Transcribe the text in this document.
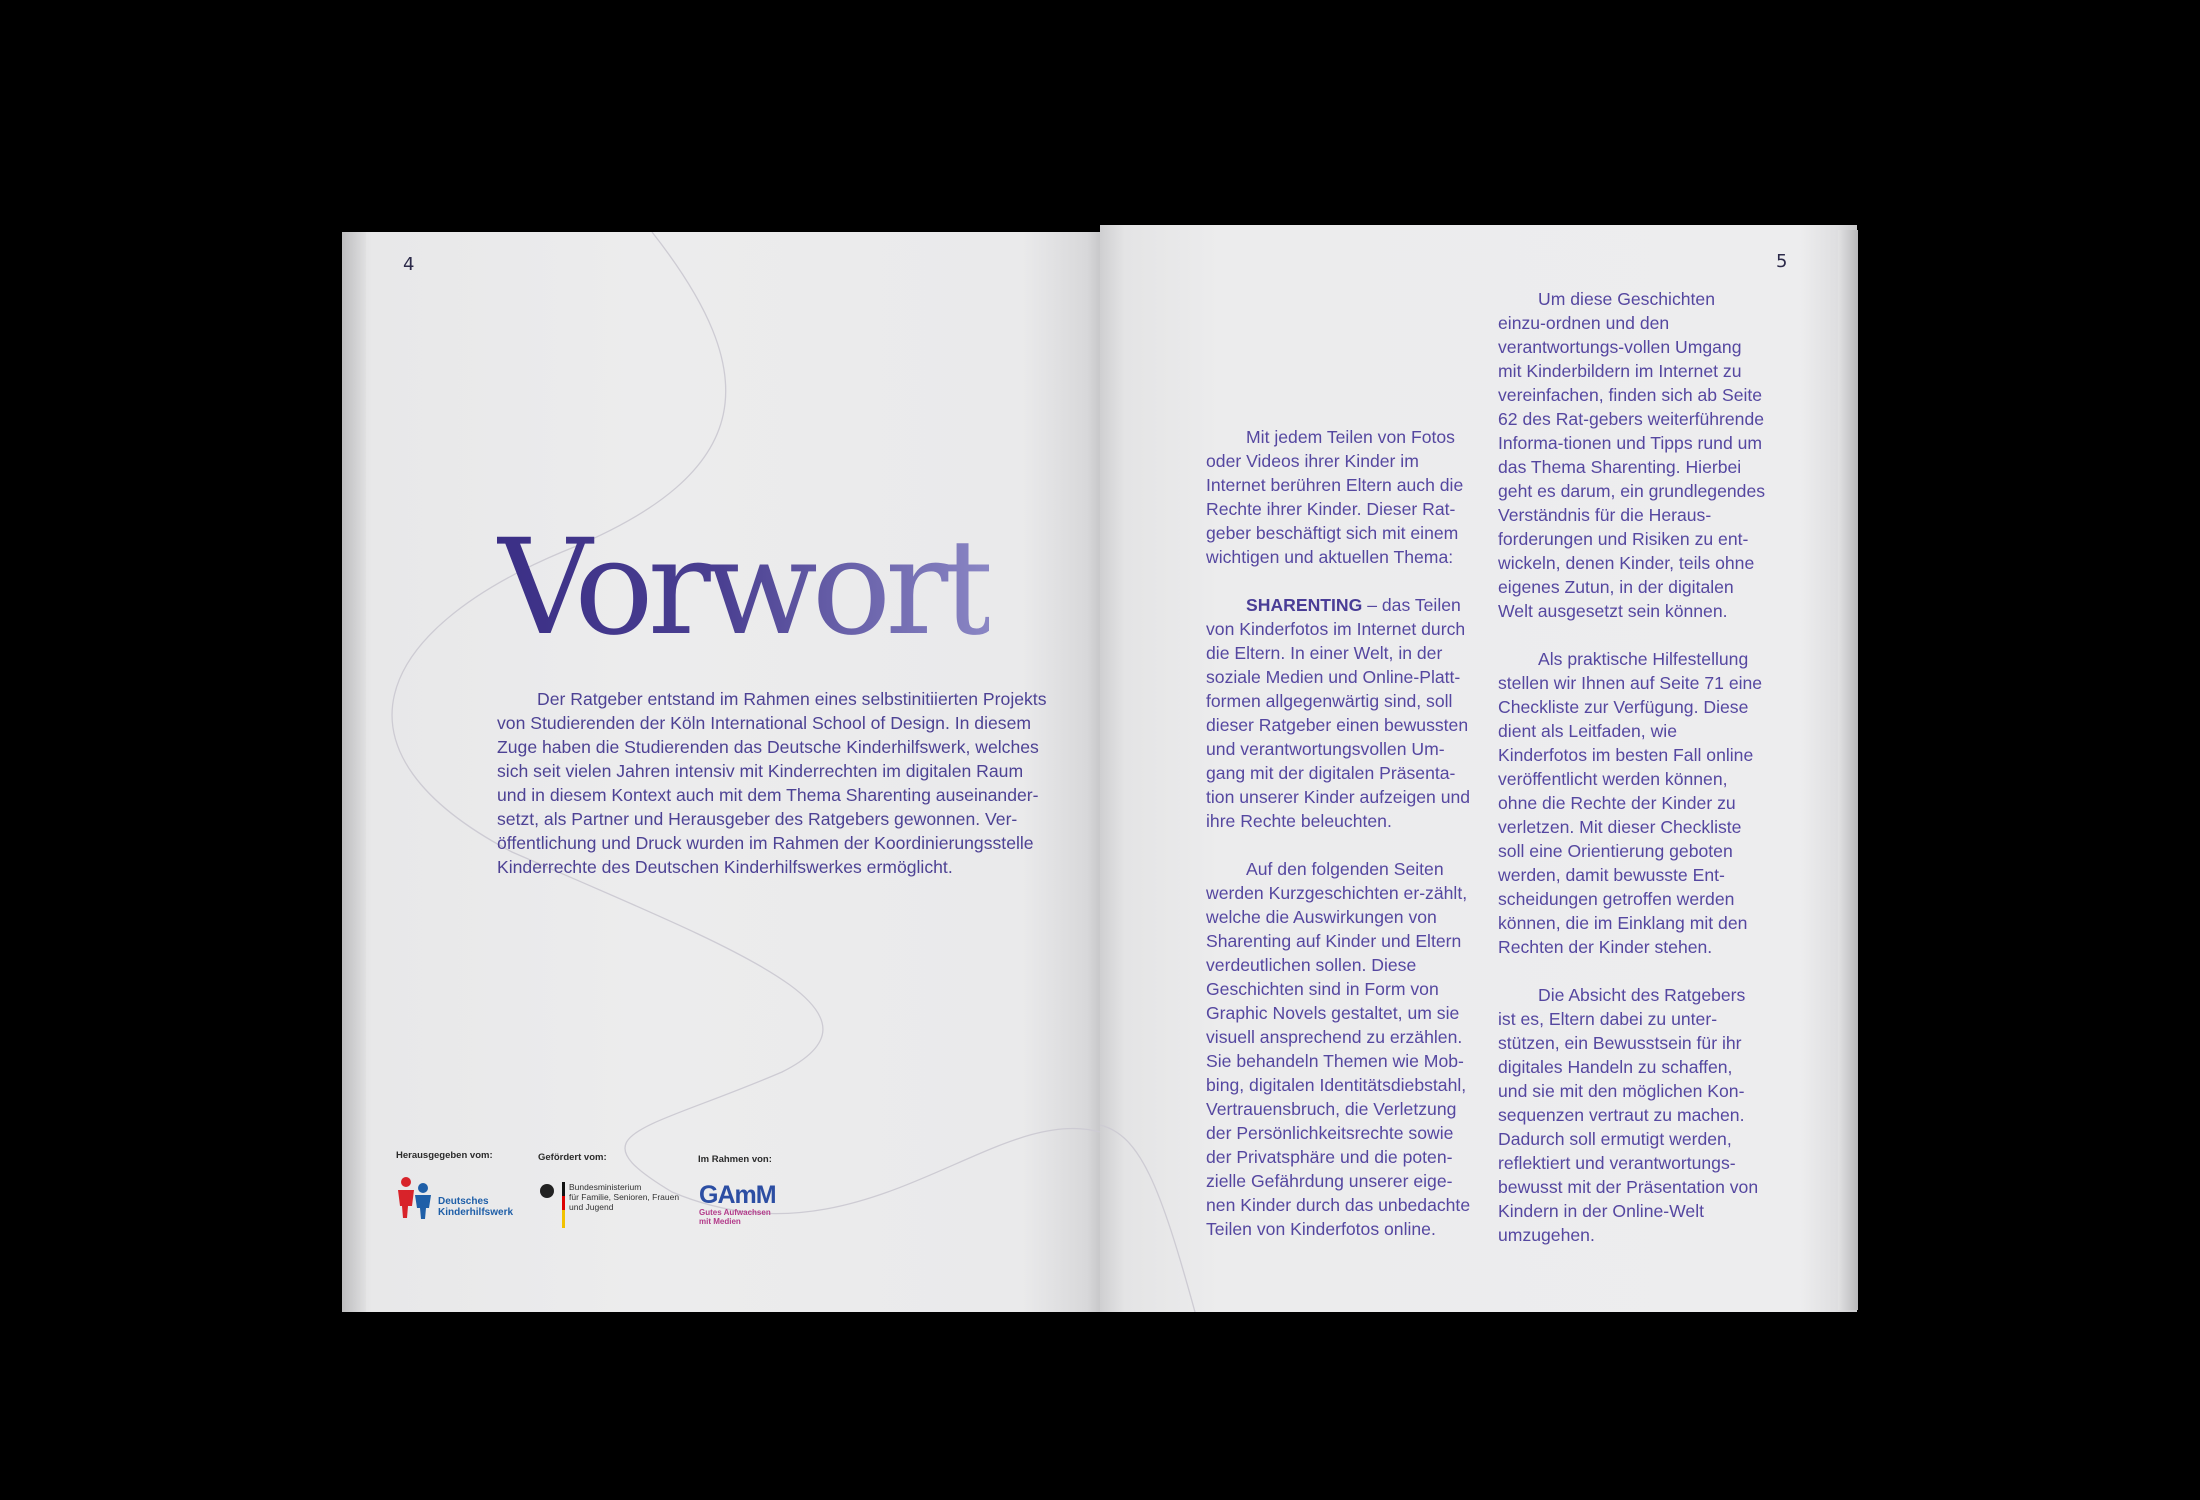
4
Vorwort
Der Ratgeber entstand im Rahmen eines selbstinitiierten Projekts von Studierenden der Köln International School of Design. In diesem Zuge haben die Studierenden das Deutsche Kinderhilfswerk, welches sich seit vielen Jahren intensiv mit Kinderrechten im digitalen Raum und in diesem Kontext auch mit dem Thema Sharenting auseinander-setzt, als Partner und Herausgeber des Ratgebers gewonnen. Ver-öffentlichung und Druck wurden im Rahmen der Koordinierungsstelle Kinderrechte des Deutschen Kinderhilfswerkes ermöglicht.
Herausgegeben vom:
Deutsches
Kinderhilfswerk
Gefördert vom:
Bundesministerium
für Familie, Senioren, Frauen
und Jugend
Im Rahmen von:
GAmM
Gutes Aufwachsen
mit Medien
5

Mit jedem Teilen von Fotos oder Videos ihrer Kinder im Internet berühren Eltern auch die Rechte ihrer Kinder. Dieser Rat-geber beschäftigt sich mit einem wichtigen und aktuellen Thema:

SHARENTING – das Teilen von Kinderfotos im Internet durch die Eltern. In einer Welt, in der soziale Medien und Online-Platt-formen allgegenwärtig sind, soll dieser Ratgeber einen bewussten und verantwortungsvollen Um-gang mit der digitalen Präsenta-tion unserer Kinder aufzeigen und ihre Rechte beleuchten.

Auf den folgenden Seiten werden Kurzgeschichten er-zählt, welche die Auswirkungen von Sharenting auf Kinder und Eltern verdeutlichen sollen. Diese Geschichten sind in Form von Graphic Novels gestaltet, um sie visuell ansprechend zu erzählen. Sie behandeln Themen wie Mob-bing, digitalen Identitätsdiebstahl, Vertrauensbruch, die Verletzung der Persönlichkeitsrechte sowie der Privatsphäre und die poten-zielle Gefährdung unserer eige-nen Kinder durch das unbedachte Teilen von Kinderfotos online.

Um diese Geschichten einzu-ordnen und den verantwortungs-vollen Umgang mit Kinderbildern im Internet zu vereinfachen, finden sich ab Seite 62 des Rat-gebers weiterführende Informa-tionen und Tipps rund um das Thema Sharenting. Hierbei geht es darum, ein grundlegendes Verständnis für die Heraus-forderungen und Risiken zu ent-wickeln, denen Kinder, teils ohne eigenes Zutun, in der digitalen Welt ausgesetzt sein können.

Als praktische Hilfestellung stellen wir Ihnen auf Seite 71 eine Checkliste zur Verfügung. Diese dient als Leitfaden, wie Kinderfotos im besten Fall online veröffentlicht werden können, ohne die Rechte der Kinder zu verletzen. Mit dieser Checkliste soll eine Orientierung geboten werden, damit bewusste Ent-scheidungen getroffen werden können, die im Einklang mit den Rechten der Kinder stehen.

Die Absicht des Ratgebers ist es, Eltern dabei zu unter-stützen, ein Bewusstsein für ihr digitales Handeln zu schaffen, und sie mit den möglichen Kon-sequenzen vertraut zu machen. Dadurch soll ermutigt werden, reflektiert und verantwortungs-bewusst mit der Präsentation von Kindern in der Online-Welt umzugehen.
